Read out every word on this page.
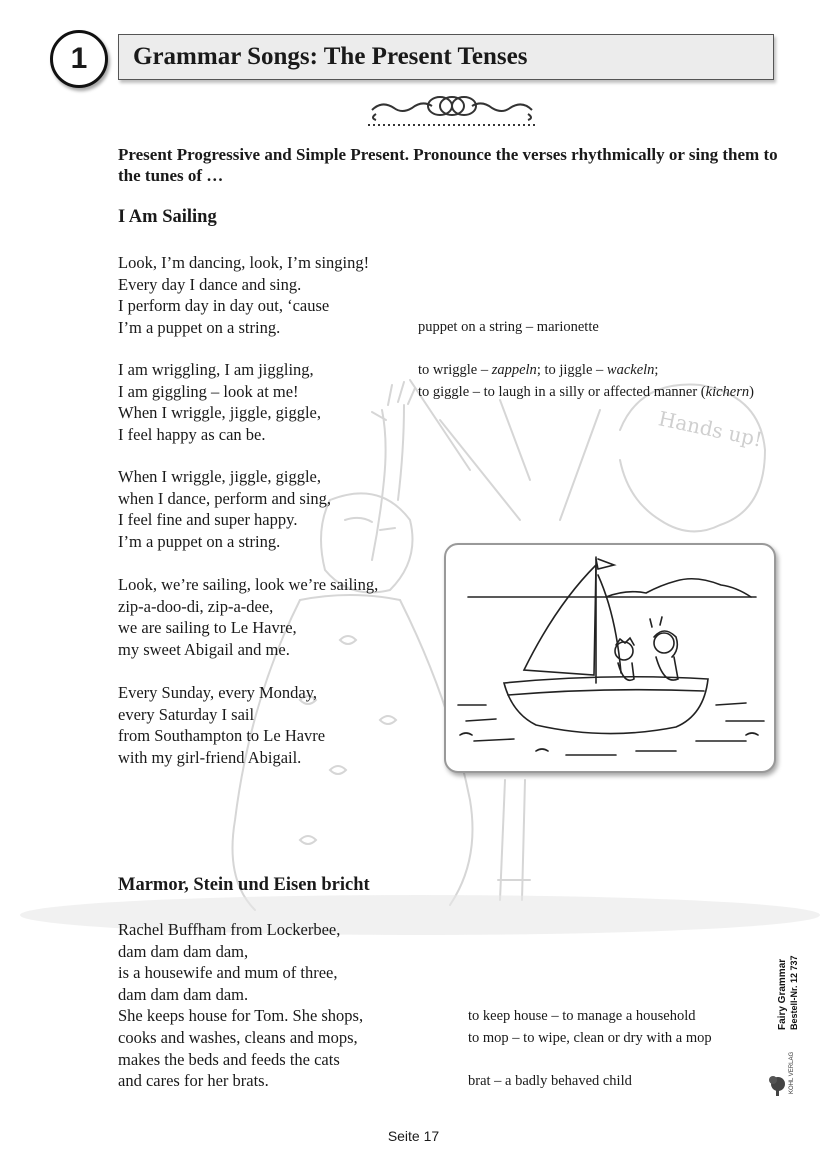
Hands up!
1 Grammar Songs: The Present Tenses
Present Progressive and Simple Present. Pronounce the verses rhythmically or sing them to the tunes of …
I Am Sailing
Look, I’m dancing, look, I’m singing!
Every day I dance and sing.
I perform day in day out, ‘cause
I’m a puppet on a string.
I am wriggling, I am jiggling,
I am giggling – look at me!
When I wriggle, jiggle, giggle,
I feel happy as can be.
When I wriggle, jiggle, giggle,
when I dance, perform and sing,
I feel fine and super happy.
I’m a puppet on a string.
Look, we’re sailing, look we’re sailing,
zip-a-doo-di, zip-a-dee,
we are sailing to Le Havre,
my sweet Abigail and me.
Every Sunday, every Monday,
every Saturday I sail
from Southampton to Le Havre
with my girl-friend Abigail.
puppet on a string – marionette
to wriggle – zappeln; to jiggle – wackeln;
to giggle – to laugh in a silly or affected manner (kichern)
Marmor, Stein und Eisen bricht
Rachel Buffham from Lockerbee,
dam dam dam dam,
is a housewife and mum of three,
dam dam dam dam.
She keeps house for Tom. She shops,
cooks and washes, cleans and mops,
makes the beds and feeds the cats
and cares for her brats.
to keep house – to manage a household
to mop – to wipe, clean or dry with a mop
brat – a badly behaved child
Fairy Grammar Bestell-Nr. 12 737
KOHL VERLAG
Seite 17
